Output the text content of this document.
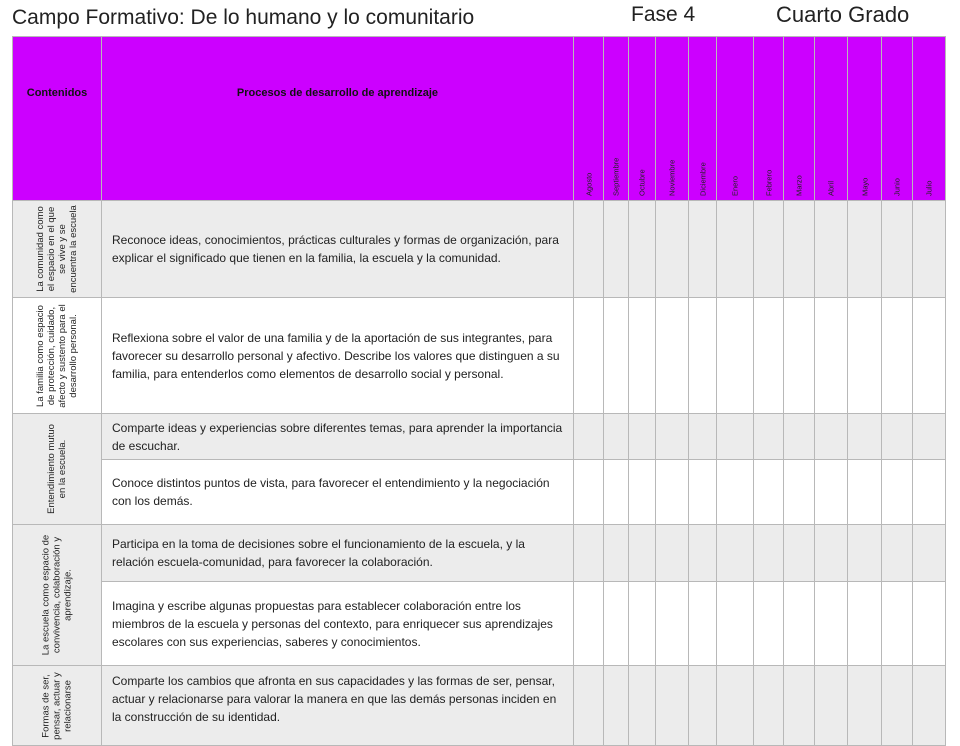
Campo Formativo: De lo humano y lo comunitario	Fase 4	Cuarto Grado
Contenidos	Procesos de desarrollo de aprendizaje	Agosto	Septiembre	Octubre	Noviembre	Diciembre	Enero	Febrero	Marzo	Abril	Mayo	Junio	Julio

La comunidad como el espacio en el que se vive y se encuentra la escuela	Reconoce ideas, conocimientos, prácticas culturales y formas de organización, para explicar el significado que tienen en la familia, la escuela y la comunidad.												

La familia como espacio de protección, cuidado, afecto y sustento para el desarrollo personal.	Reflexiona sobre el valor de una familia y de la aportación de sus integrantes, para favorecer su desarrollo personal y afectivo. Describe los valores que distinguen a su familia, para entenderlos como elementos de desarrollo social y personal.												

Entendimiento mutuo en la escuela.	Comparte ideas y experiencias sobre diferentes temas, para aprender la importancia de escuchar.												
	Conoce distintos puntos de vista, para favorecer el entendimiento y la negociación con los demás.												

La escuela como espacio de convivencia, colaboración y aprendizaje.	Participa en la toma de decisiones sobre el funcionamiento de la escuela, y la relación escuela-comunidad, para favorecer la colaboración.												
	Imagina y escribe algunas propuestas para establecer colaboración entre los miembros de la escuela y personas del contexto, para enriquecer sus aprendizajes escolares con sus experiencias, saberes y conocimientos.												

Formas de ser, pensar, actuar y relacionarse	Comparte los cambios que afronta en sus capacidades y las formas de ser, pensar, actuar y relacionarse para valorar la manera en que las demás personas inciden en la construcción de su identidad.												
